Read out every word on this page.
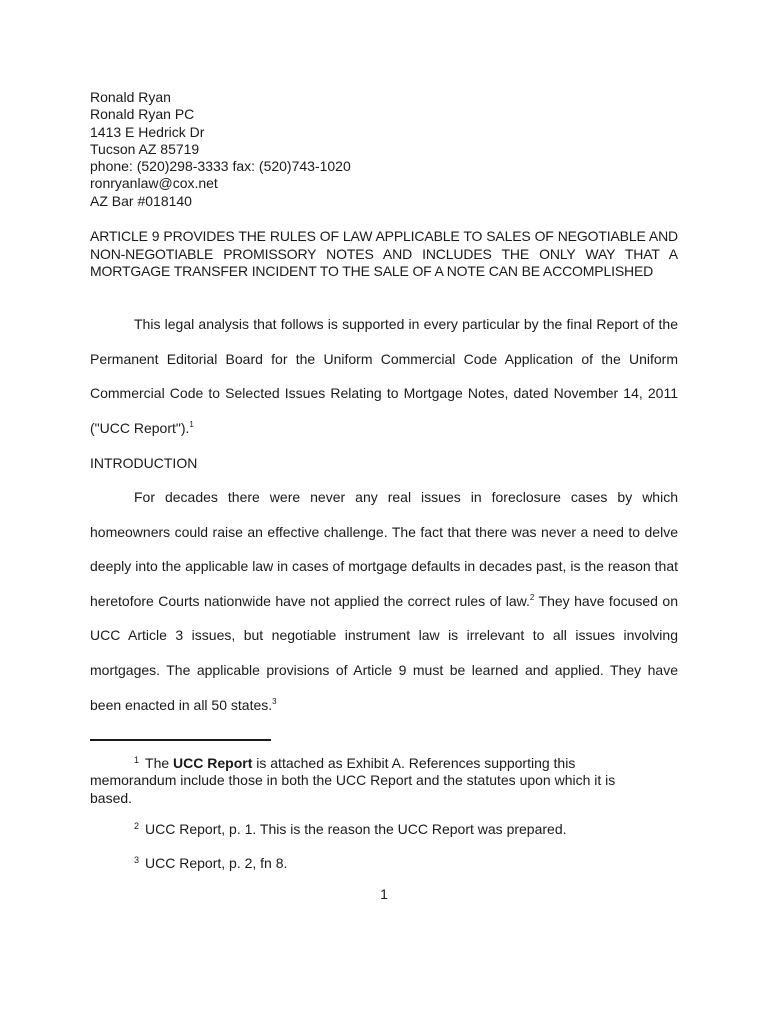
Ronald Ryan
Ronald Ryan PC
1413 E Hedrick Dr
Tucson AZ 85719
phone: (520)298-3333 fax: (520)743-1020
ronryanlaw@cox.net
AZ Bar #018140
ARTICLE 9 PROVIDES THE RULES OF LAW APPLICABLE TO SALES OF NEGOTIABLE AND NON-NEGOTIABLE PROMISSORY NOTES AND INCLUDES THE ONLY WAY THAT A MORTGAGE TRANSFER INCIDENT TO THE SALE OF A NOTE CAN BE ACCOMPLISHED
This legal analysis that follows is supported in every particular by the final Report of the Permanent Editorial Board for the Uniform Commercial Code Application of the Uniform Commercial Code to Selected Issues Relating to Mortgage Notes, dated November 14, 2011 ("UCC Report").$^1$
INTRODUCTION
For decades there were never any real issues in foreclosure cases by which homeowners could raise an effective challenge. The fact that there was never a need to delve deeply into the applicable law in cases of mortgage defaults in decades past, is the reason that heretofore Courts nationwide have not applied the correct rules of law.$^2$ They have focused on UCC Article 3 issues, but negotiable instrument law is irrelevant to all issues involving mortgages. The applicable provisions of Article 9 must be learned and applied. They have been enacted in all 50 states.$^3$
1 The UCC Report is attached as Exhibit A. References supporting this memorandum include those in both the UCC Report and the statutes upon which it is based.
2 UCC Report, p. 1. This is the reason the UCC Report was prepared.
3 UCC Report, p. 2, fn 8.
1
